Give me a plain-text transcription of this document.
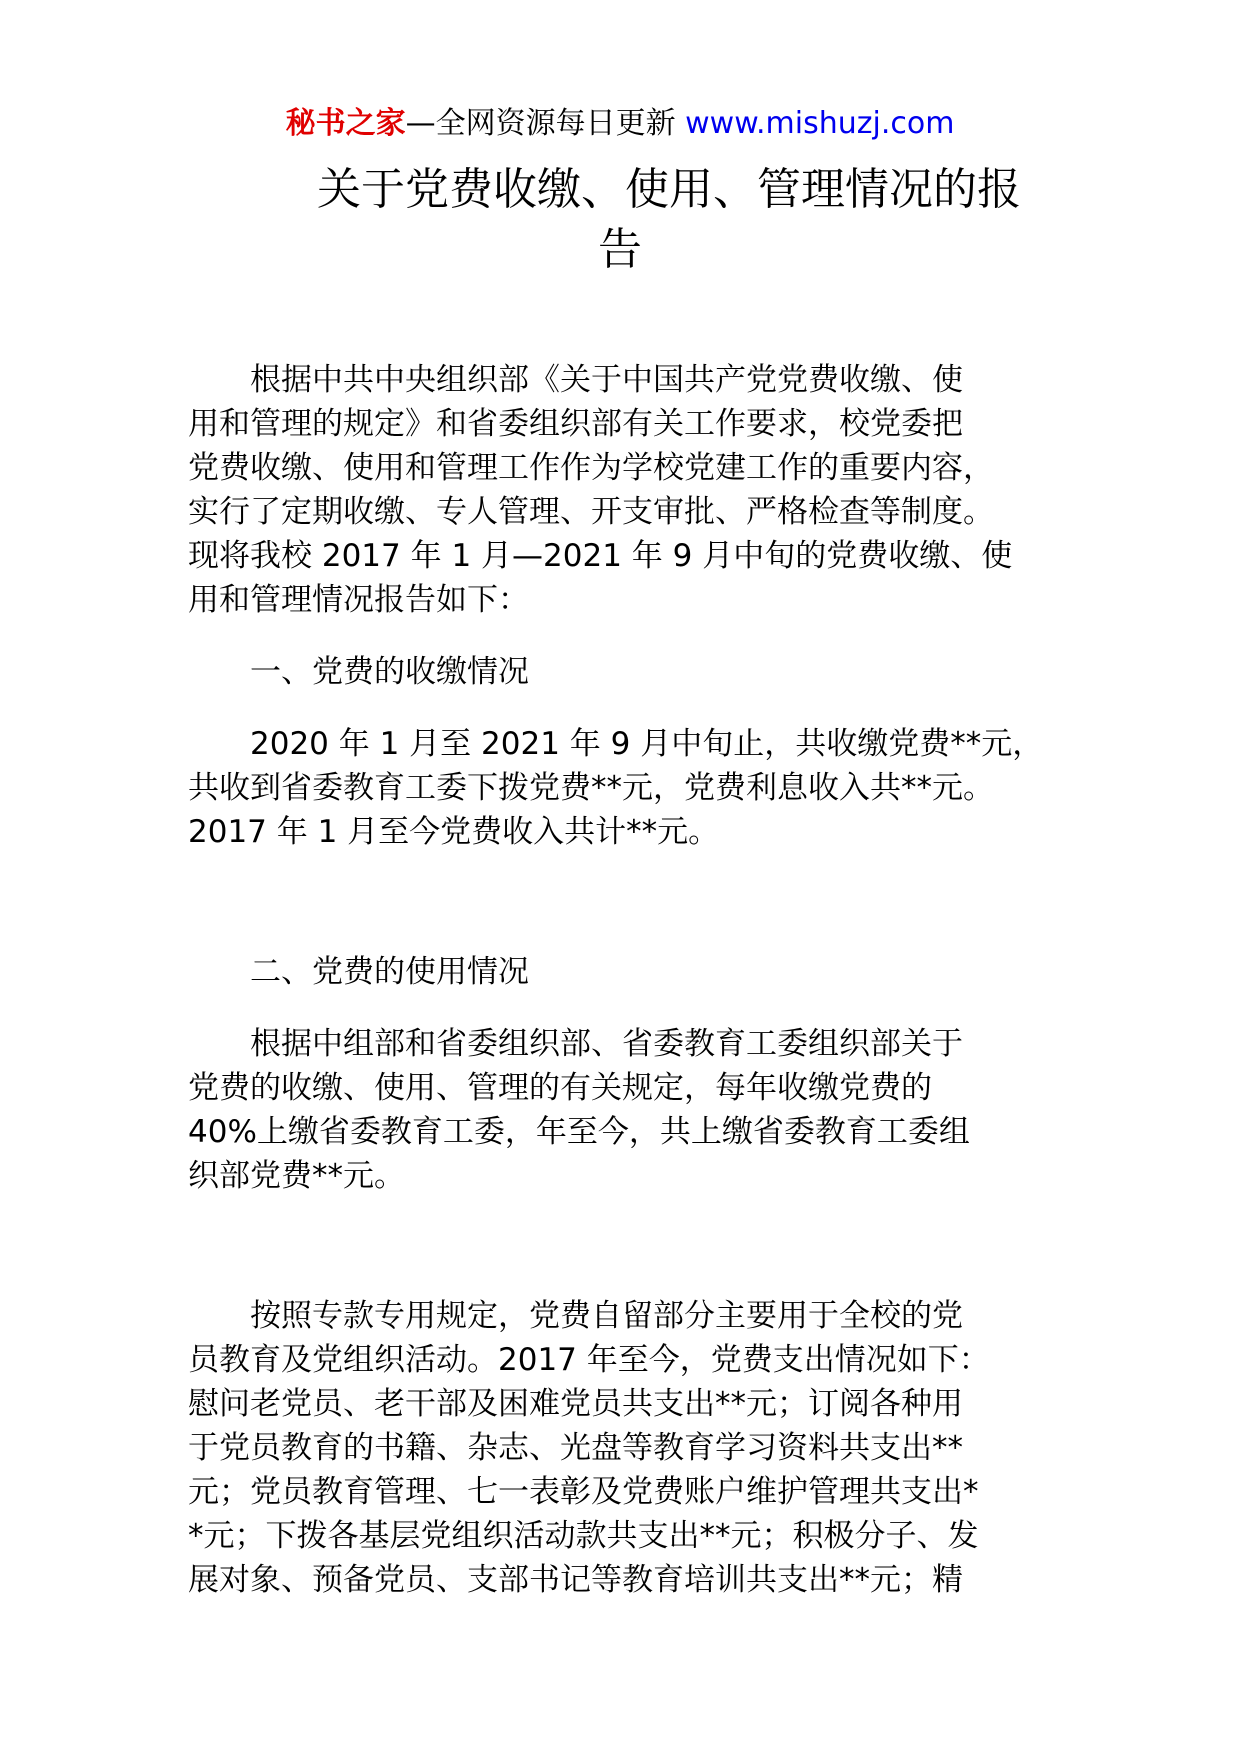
秘书之家—全网资源每日更新 www.mishuzj.com
关于党费收缴、使用、管理情况的报
告

根据中共中央组织部《关于中国共产党党费收缴、使
用和管理的规定》和省委组织部有关工作要求，校党委把
党费收缴、使用和管理工作作为学校党建工作的重要内容，
实行了定期收缴、专人管理、开支审批、严格检查等制度。
现将我校 2017 年 1 月—2021 年 9 月中旬的党费收缴、使
用和管理情况报告如下：

一、党费的收缴情况

2020 年 1 月至 2021 年 9 月中旬止，共收缴党费**元，
共收到省委教育工委下拨党费**元，党费利息收入共**元。
2017 年 1 月至今党费收入共计**元。

二、党费的使用情况

根据中组部和省委组织部、省委教育工委组织部关于
党费的收缴、使用、管理的有关规定，每年收缴党费的
40%上缴省委教育工委，年至今，共上缴省委教育工委组
织部党费**元。

按照专款专用规定，党费自留部分主要用于全校的党
员教育及党组织活动。2017 年至今，党费支出情况如下：
慰问老党员、老干部及困难党员共支出**元；订阅各种用
于党员教育的书籍、杂志、光盘等教育学习资料共支出**
元；党员教育管理、七一表彰及党费账户维护管理共支出*
*元；下拨各基层党组织活动款共支出**元；积极分子、发
展对象、预备党员、支部书记等教育培训共支出**元；精
